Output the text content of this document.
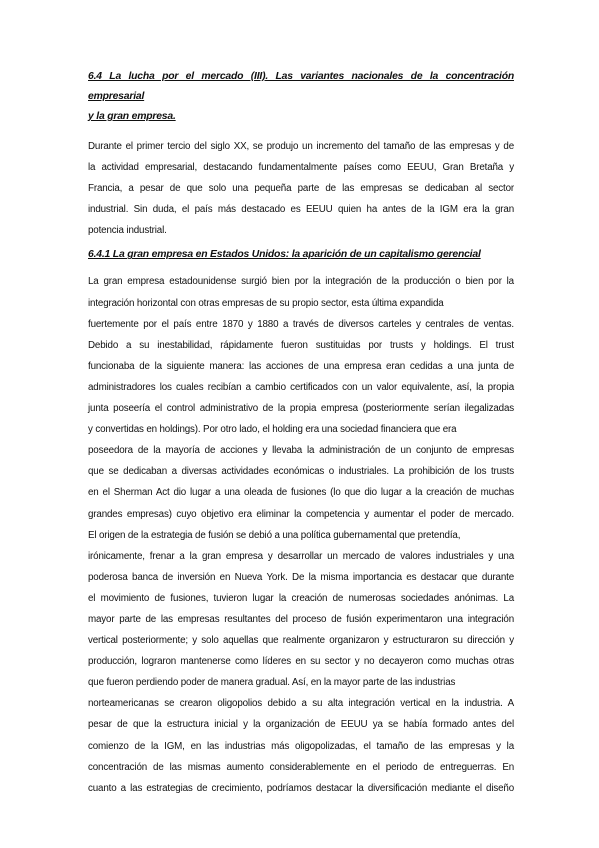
6.4 La lucha por el mercado (III). Las variantes nacionales de la concentración empresarial
y la gran empresa.

Durante el primer tercio del siglo XX, se produjo un incremento del tamaño de las empresas y de
la actividad empresarial, destacando fundamentalmente países como EEUU, Gran Bretaña y
Francia, a pesar de que solo una pequeña parte de las empresas se dedicaban al sector
industrial. Sin duda, el país más destacado es EEUU quien ha antes de la IGM era la gran
potencia industrial.

6.4.1 La gran empresa en Estados Unidos: la aparición de un capitalismo gerencial

La gran empresa estadounidense surgió bien por la integración de la producción o bien por la
integración horizontal con otras empresas de su propio sector, esta última expandida
fuertemente por el país entre 1870 y 1880 a través de diversos carteles y centrales de ventas.
Debido a su inestabilidad, rápidamente fueron sustituidas por trusts y holdings. El trust
funcionaba de la siguiente manera: las acciones de una empresa eran cedidas a una junta de
administradores los cuales recibían a cambio certificados con un valor equivalente, así, la propia
junta poseería el control administrativo de la propia empresa (posteriormente serían ilegalizadas
y convertidas en holdings). Por otro lado, el holding era una sociedad financiera que era
poseedora de la mayoría de acciones y llevaba la administración de un conjunto de empresas
que se dedicaban a diversas actividades económicas o industriales. La prohibición de los trusts
en el Sherman Act dio lugar a una oleada de fusiones (lo que dio lugar a la creación de muchas
grandes empresas) cuyo objetivo era eliminar la competencia y aumentar el poder de mercado.
El origen de la estrategia de fusión se debió a una política gubernamental que pretendía,
irónicamente, frenar a la gran empresa y desarrollar un mercado de valores industriales y una
poderosa banca de inversión en Nueva York. De la misma importancia es destacar que durante
el movimiento de fusiones, tuvieron lugar la creación de numerosas sociedades anónimas. La
mayor parte de las empresas resultantes del proceso de fusión experimentaron una integración
vertical posteriormente; y solo aquellas que realmente organizaron y estructuraron su dirección y
producción, lograron mantenerse como líderes en su sector y no decayeron como muchas otras
que fueron perdiendo poder de manera gradual. Así, en la mayor parte de las industrias
norteamericanas se crearon oligopolios debido a su alta integración vertical en la industria. A
pesar de que la estructura inicial y la organización de EEUU ya se había formado antes del
comienzo de la IGM, en las industrias más oligopolizadas, el tamaño de las empresas y la
concentración de las mismas aumento considerablemente en el periodo de entreguerras. En
cuanto a las estrategias de crecimiento, podríamos destacar la diversificación mediante el diseño
